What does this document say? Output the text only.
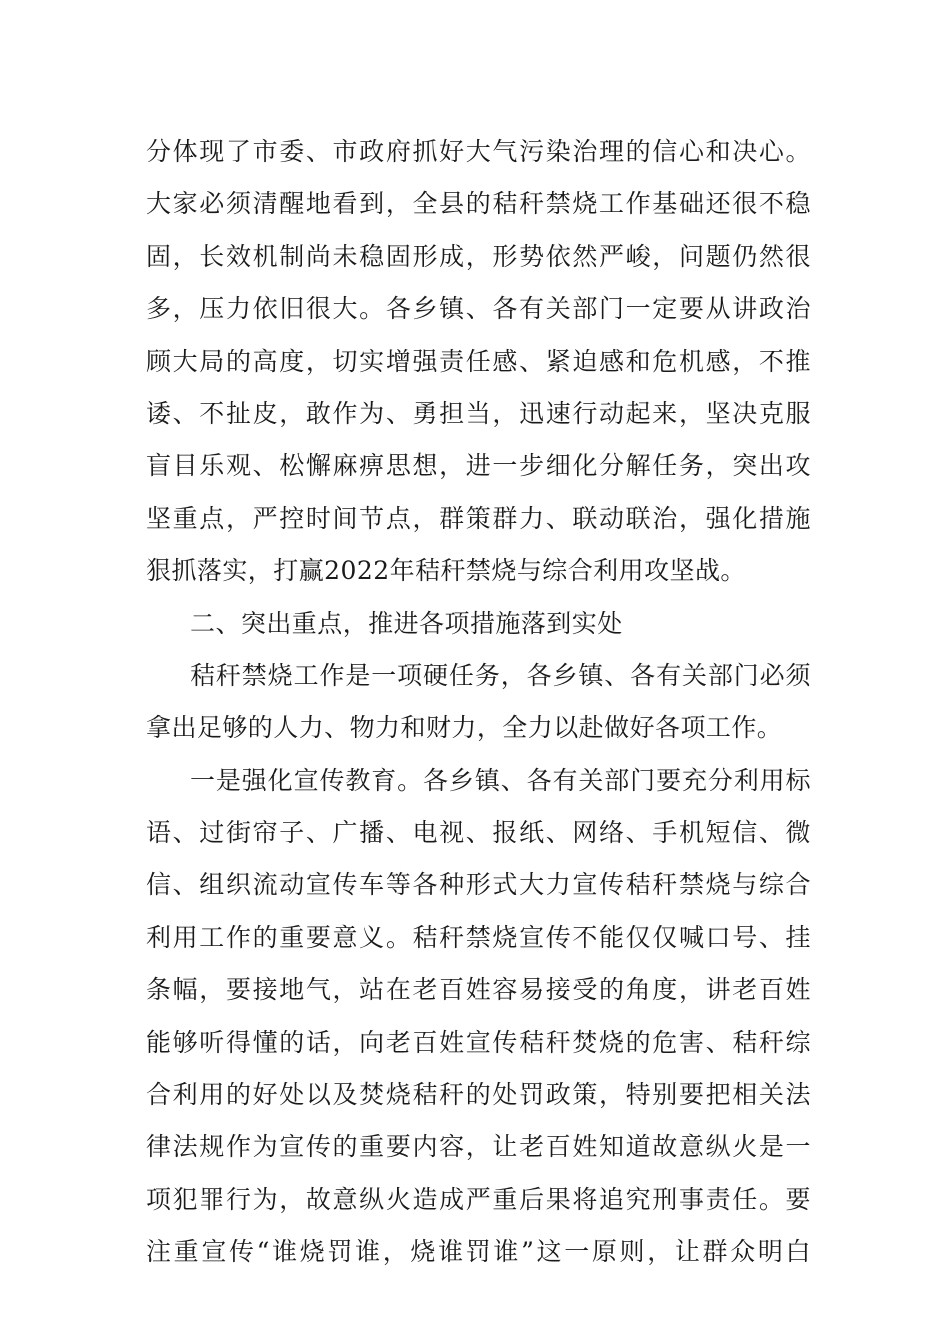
分体现了市委、市政府抓好大气污染治理的信心和决心。
大家必须清醒地看到，全县的秸秆禁烧工作基础还很不稳
固，长效机制尚未稳固形成，形势依然严峻，问题仍然很
多，压力依旧很大。各乡镇、各有关部门一定要从讲政治
顾大局的高度，切实增强责任感、紧迫感和危机感，不推
诿、不扯皮，敢作为、勇担当，迅速行动起来，坚决克服
盲目乐观、松懈麻痹思想，进一步细化分解任务，突出攻
坚重点，严控时间节点，群策群力、联动联治，强化措施
狠抓落实，打赢2022年秸秆禁烧与综合利用攻坚战。
二、突出重点，推进各项措施落到实处
秸秆禁烧工作是一项硬任务，各乡镇、各有关部门必须
拿出足够的人力、物力和财力，全力以赴做好各项工作。
一是强化宣传教育。各乡镇、各有关部门要充分利用标
语、过街帘子、广播、电视、报纸、网络、手机短信、微
信、组织流动宣传车等各种形式大力宣传秸秆禁烧与综合
利用工作的重要意义。秸秆禁烧宣传不能仅仅喊口号、挂
条幅，要接地气，站在老百姓容易接受的角度，讲老百姓
能够听得懂的话，向老百姓宣传秸秆焚烧的危害、秸秆综
合利用的好处以及焚烧秸秆的处罚政策，特别要把相关法
律法规作为宣传的重要内容，让老百姓知道故意纵火是一
项犯罪行为，故意纵火造成严重后果将追究刑事责任。要
注重宣传“谁烧罚谁，烧谁罚谁”这一原则，让群众明白
